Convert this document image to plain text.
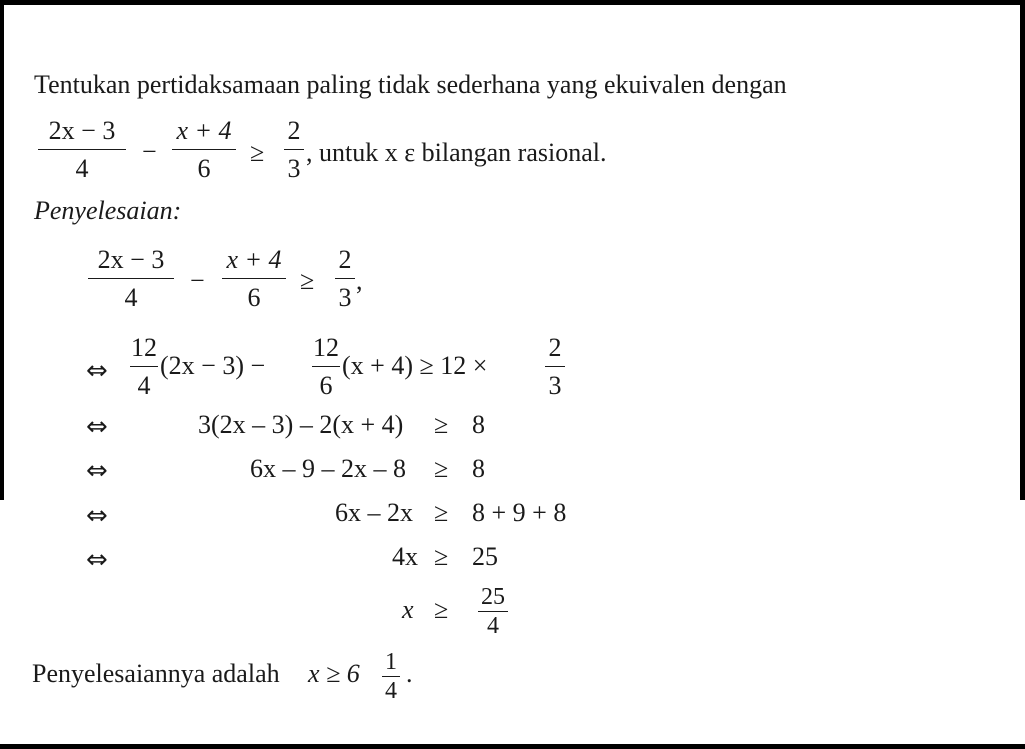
Tentukan pertidaksamaan paling tidak sederhana yang ekuivalen dengan
2x − 3
4
−
x + 4
6
≥
2
3
, untuk x ε bilangan rasional.
Penyelesaian:
2x − 3
4
−
x + 4
6
≥
2
3
,
⇔
12
4
(2x − 3) −
12
6
(x + 4) ≥ 12 ×
2
3
⇔	3(2x – 3) – 2(x + 4) ≥ 8
⇔	6x – 9 – 2x – 8 ≥ 8
⇔	6x – 2x ≥ 8 + 9 + 8
⇔	4x ≥ 25
x ≥ 25
4
Penyelesaiannya adalah x ≥ 6 1
4
.
